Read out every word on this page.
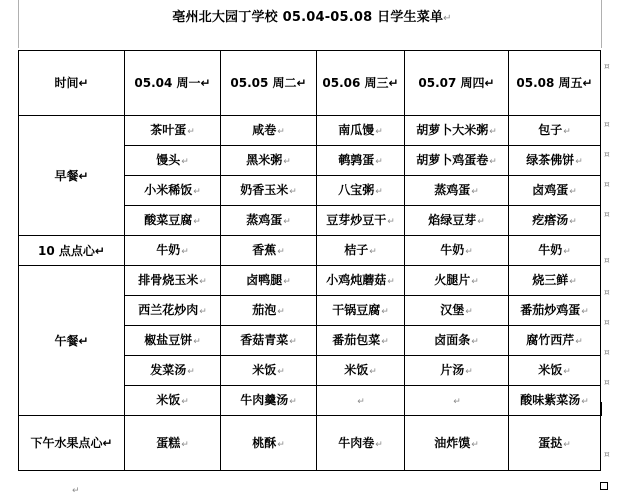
亳州北大园丁学校 05.04-05.08 日学生菜单↵
时间↵	05.04 周一↵	05.05 周二↵	05.06 周三↵	05.07 周四↵	05.08 周五↵
早餐↵	茶叶蛋↵	咸卷↵	南瓜馒↵	胡萝卜大米粥↵	包子↵
	馒头↵	黑米粥↵	鹌鹑蛋↵	胡萝卜鸡蛋卷↵	绿茶佛饼↵
	小米稀饭↵	奶香玉米↵	八宝粥↵	蒸鸡蛋↵	卤鸡蛋↵
	酸菜豆腐↵	蒸鸡蛋↵	豆芽炒豆干↵	焰绿豆芽↵	疙瘩汤↵
10 点点心↵	牛奶↵	香蕉↵	桔子↵	牛奶↵	牛奶↵
午餐↵	排骨烧玉米↵	卤鸭腿↵	小鸡炖蘑菇↵	火腿片↵	烧三鲜↵
	西兰花炒肉↵	茄泡↵	干锅豆腐↵	汉堡↵	番茄炒鸡蛋↵
	椒盐豆饼↵	香菇青菜↵	番茄包菜↵	卤面条↵	腐竹西芹↵
	发菜汤↵	米饭↵	米饭↵	片汤↵	米饭↵
	米饭↵	牛肉羹汤↵	↵	↵	酸味紫菜汤↵
下午水果点心↵	蛋糕↵	桃酥↵	牛肉卷↵	油炸馍↵	蛋挞↵
¤
¤
¤
¤
¤
¤
¤
¤
¤
¤
¤
↵
